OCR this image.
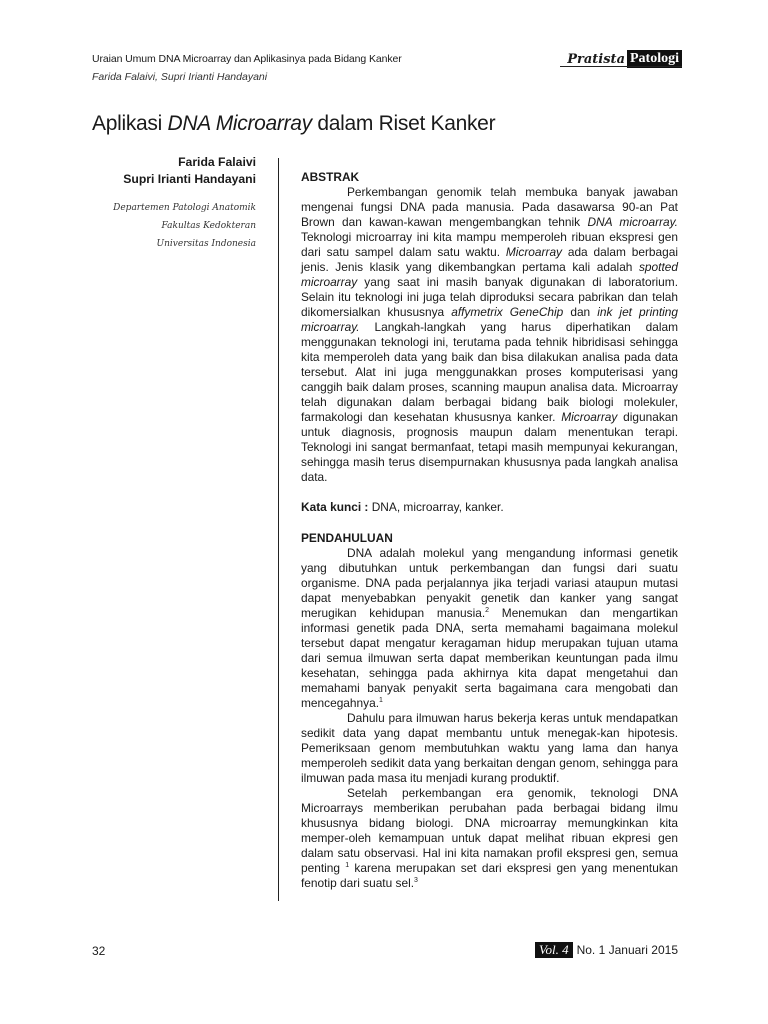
Uraian Umum DNA Microarray dan Aplikasinya pada Bidang Kanker
Farida Falaivi, Supri Irianti Handayani
Pratista Patologi
Aplikasi DNA Microarray dalam Riset Kanker
Farida Falaivi
Supri Irianti Handayani
Departemen Patologi Anatomik
Fakultas Kedokteran
Universitas Indonesia

ABSTRAK

Perkembangan genomik telah membuka banyak jawaban mengenai fungsi DNA pada manusia. Pada dasawarsa 90-an Pat Brown dan kawan-kawan mengembangkan tehnik DNA microarray. Teknologi microarray ini kita mampu memperoleh ribuan ekspresi gen dari satu sampel dalam satu waktu. Microarray ada dalam berbagai jenis. Jenis klasik yang dikembangkan pertama kali adalah spotted microarray yang saat ini masih banyak digunakan di laboratorium. Selain itu teknologi ini juga telah diproduksi secara pabrikan dan telah dikomersialkan khususnya affymetrix GeneChip dan ink jet printing microarray. Langkah-langkah yang harus diperhatikan dalam menggunakan teknologi ini, terutama pada tehnik hibridisasi sehingga kita memperoleh data yang baik dan bisa dilakukan analisa pada data tersebut. Alat ini juga menggunakkan proses komputerisasi yang canggih baik dalam proses, scanning maupun analisa data. Microarray telah digunakan dalam berbagai bidang baik biologi molekuler, farmakologi dan kesehatan khususnya kanker. Microarray digunakan untuk diagnosis, prognosis maupun dalam menentukan terapi. Teknologi ini sangat bermanfaat, tetapi masih mempunyai kekurangan, sehingga masih terus disempurnakan khususnya pada langkah analisa data.

Kata kunci : DNA, microarray, kanker.

PENDAHULUAN

DNA adalah molekul yang mengandung informasi genetik yang dibutuhkan untuk perkembangan dan fungsi dari suatu organisme. DNA pada perjalannya jika terjadi variasi ataupun mutasi dapat menyebabkan penyakit genetik dan kanker yang sangat merugikan kehidupan manusia.$^2$ Menemukan dan mengartikan informasi genetik pada DNA, serta memahami bagaimana molekul tersebut dapat mengatur keragaman hidup merupakan tujuan utama dari semua ilmuwan serta dapat memberikan keuntungan pada ilmu kesehatan, sehingga pada akhirnya kita dapat mengetahui dan memahami banyak penyakit serta bagaimana cara mengobati dan mencegahnya.$^1$

Dahulu para ilmuwan harus bekerja keras untuk mendapatkan sedikit data yang dapat membantu untuk menegak-kan hipotesis. Pemeriksaan genom membutuhkan waktu yang lama dan hanya memperoleh sedikit data yang berkaitan dengan genom, sehingga para ilmuwan pada masa itu menjadi kurang produktif.

Setelah perkembangan era genomik, teknologi DNA Microarrays memberikan perubahan pada berbagai bidang ilmu khususnya bidang biologi. DNA microarray memungkinkan kita memper-oleh kemampuan untuk dapat melihat ribuan ekpresi gen dalam satu observasi. Hal ini kita namakan profil ekspresi gen, semua penting $^1$ karena merupakan set dari ekspresi gen yang menentukan fenotip dari suatu sel.$^3$

32	Vol. 4 No. 1 Januari 2015
